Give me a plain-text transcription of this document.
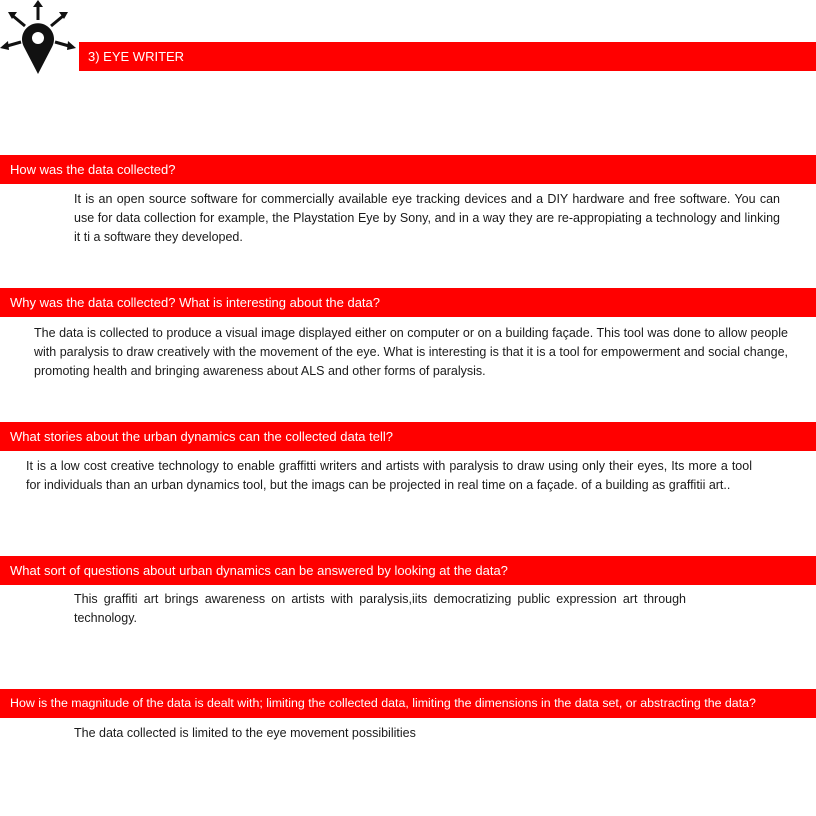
3) EYE WRITER
How was the data collected?

It is an open source software for commercially available eye tracking devices and a DIY hardware and free software. You can use for data collection for example, the Playstation Eye by Sony, and in a way they are re-appropiating a technology and linking it ti a software they developed.

Why was the data collected? What is interesting about the data?

The data is collected to produce a visual image displayed either on computer or on a building façade. This tool was done to allow people with paralysis to draw creatively with the movement of the eye. What is interesting is that it is a tool for empowerment and social change, promoting health and bringing awareness about ALS and other forms of paralysis.

What stories about the urban dynamics can the collected data tell?

It is a low cost creative technology to enable graffitti writers and artists with paralysis to draw using only their eyes, Its more a tool for individuals than an urban dynamics tool, but the imags can be projected in real time on a façade. of a building as graffitii art..

What sort of questions about urban dynamics can be answered by looking at the data?

This graffiti art brings awareness on artists with paralysis,iits democratizing public expression art through technology.

How is the magnitude of the data is dealt with; limiting the collected data, limiting the dimensions in the data set, or abstracting the data?

The data collected is limited to the eye movement possibilities
